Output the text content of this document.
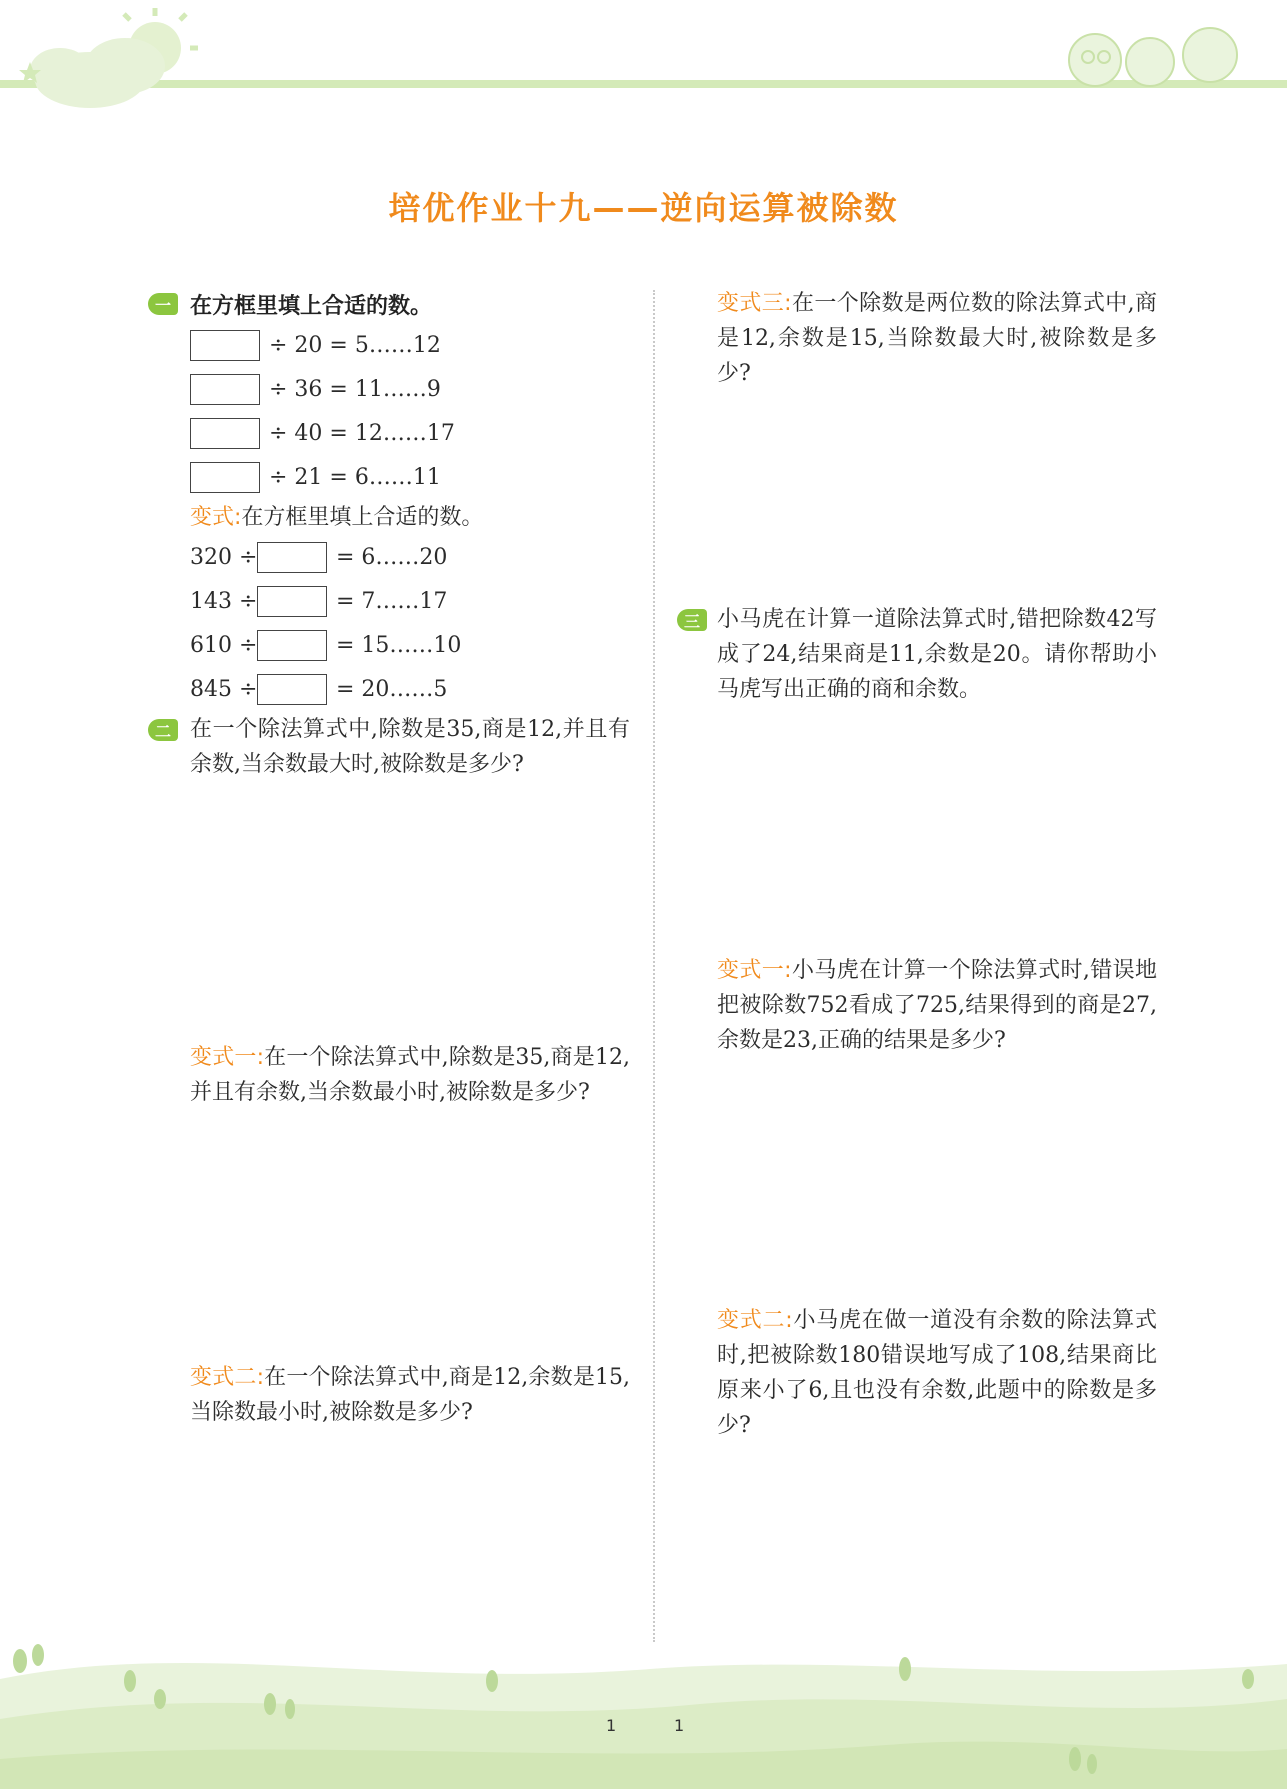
培优作业十九——逆向运算被除数
一 在方框里填上合适的数。
÷ 20 = 5……12
÷ 36 = 11……9
÷ 40 = 12……17
÷ 21 = 6……11
变式:在方框里填上合适的数。
320 ÷	= 6……20
143 ÷	= 7……17
610 ÷	= 15……10
845 ÷	= 20……5
二 在一个除法算式中,除数是35,商是12,并且有余数,当余数最大时,被除数是多少?
变式一:在一个除法算式中,除数是35,商是12,并且有余数,当余数最小时,被除数是多少?
变式二:在一个除法算式中,商是12,余数是15,当除数最小时,被除数是多少?
变式三:在一个除数是两位数的除法算式中,商是12,余数是15,当除数最大时,被除数是多少?
三 小马虎在计算一道除法算式时,错把除数42写成了24,结果商是11,余数是20。请你帮助小马虎写出正确的商和余数。
变式一:小马虎在计算一个除法算式时,错误地把被除数752看成了725,结果得到的商是27,余数是23,正确的结果是多少?
变式二:小马虎在做一道没有余数的除法算式时,把被除数180错误地写成了108,结果商比原来小了6,且也没有余数,此题中的除数是多少?
1	1
